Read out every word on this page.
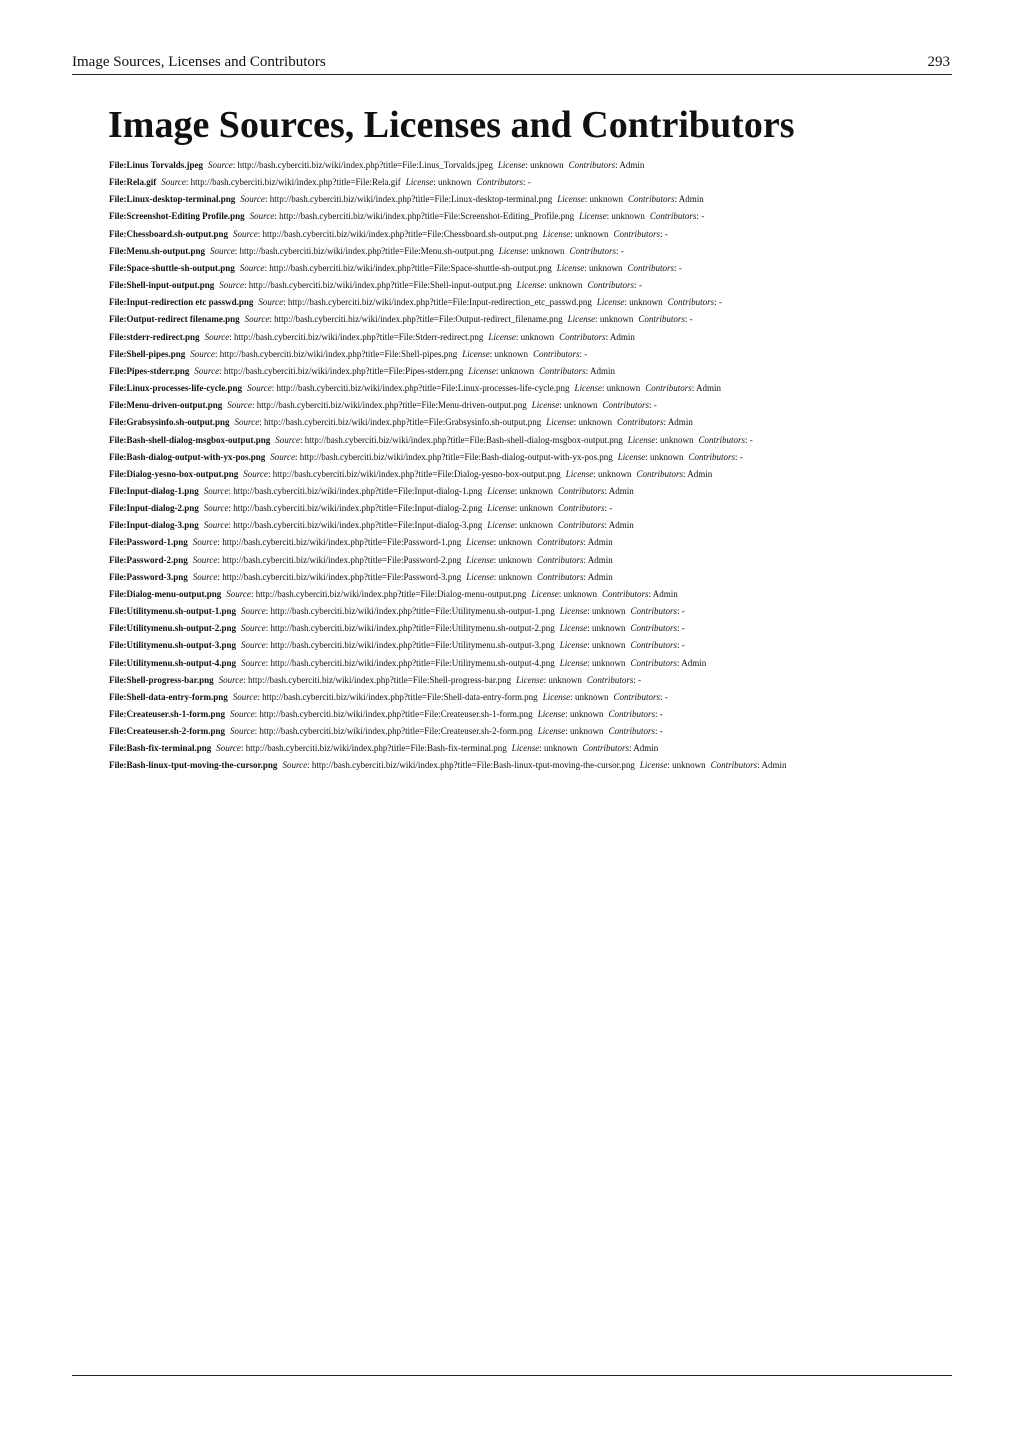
Image Sources, Licenses and Contributors	293
Image Sources, Licenses and Contributors
File:Linus Torvalds.jpeg Source: http://bash.cyberciti.biz/wiki/index.php?title=File:Linus_Torvalds.jpeg License: unknown Contributors: Admin
File:Rela.gif Source: http://bash.cyberciti.biz/wiki/index.php?title=File:Rela.gif License: unknown Contributors: -
File:Linux-desktop-terminal.png Source: http://bash.cyberciti.biz/wiki/index.php?title=File:Linux-desktop-terminal.png License: unknown Contributors: Admin
File:Screenshot-Editing Profile.png Source: http://bash.cyberciti.biz/wiki/index.php?title=File:Screenshot-Editing_Profile.png License: unknown Contributors: -
File:Chessboard.sh-output.png Source: http://bash.cyberciti.biz/wiki/index.php?title=File:Chessboard.sh-output.png License: unknown Contributors: -
File:Menu.sh-output.png Source: http://bash.cyberciti.biz/wiki/index.php?title=File:Menu.sh-output.png License: unknown Contributors: -
File:Space-shuttle-sh-output.png Source: http://bash.cyberciti.biz/wiki/index.php?title=File:Space-shuttle-sh-output.png License: unknown Contributors: -
File:Shell-input-output.png Source: http://bash.cyberciti.biz/wiki/index.php?title=File:Shell-input-output.png License: unknown Contributors: -
File:Input-redirection etc passwd.png Source: http://bash.cyberciti.biz/wiki/index.php?title=File:Input-redirection_etc_passwd.png License: unknown Contributors: -
File:Output-redirect filename.png Source: http://bash.cyberciti.biz/wiki/index.php?title=File:Output-redirect_filename.png License: unknown Contributors: -
File:stderr-redirect.png Source: http://bash.cyberciti.biz/wiki/index.php?title=File:Stderr-redirect.png License: unknown Contributors: Admin
File:Shell-pipes.png Source: http://bash.cyberciti.biz/wiki/index.php?title=File:Shell-pipes.png License: unknown Contributors: -
File:Pipes-stderr.png Source: http://bash.cyberciti.biz/wiki/index.php?title=File:Pipes-stderr.png License: unknown Contributors: Admin
File:Linux-processes-life-cycle.png Source: http://bash.cyberciti.biz/wiki/index.php?title=File:Linux-processes-life-cycle.png License: unknown Contributors: Admin
File:Menu-driven-output.png Source: http://bash.cyberciti.biz/wiki/index.php?title=File:Menu-driven-output.png License: unknown Contributors: -
File:Grabsysinfo.sh-output.png Source: http://bash.cyberciti.biz/wiki/index.php?title=File:Grabsysinfo.sh-output.png License: unknown Contributors: Admin
File:Bash-shell-dialog-msgbox-output.png Source: http://bash.cyberciti.biz/wiki/index.php?title=File:Bash-shell-dialog-msgbox-output.png License: unknown Contributors: -
File:Bash-dialog-output-with-yx-pos.png Source: http://bash.cyberciti.biz/wiki/index.php?title=File:Bash-dialog-output-with-yx-pos.png License: unknown Contributors: -
File:Dialog-yesno-box-output.png Source: http://bash.cyberciti.biz/wiki/index.php?title=File:Dialog-yesno-box-output.png License: unknown Contributors: Admin
File:Input-dialog-1.png Source: http://bash.cyberciti.biz/wiki/index.php?title=File:Input-dialog-1.png License: unknown Contributors: Admin
File:Input-dialog-2.png Source: http://bash.cyberciti.biz/wiki/index.php?title=File:Input-dialog-2.png License: unknown Contributors: -
File:Input-dialog-3.png Source: http://bash.cyberciti.biz/wiki/index.php?title=File:Input-dialog-3.png License: unknown Contributors: Admin
File:Password-1.png Source: http://bash.cyberciti.biz/wiki/index.php?title=File:Password-1.png License: unknown Contributors: Admin
File:Password-2.png Source: http://bash.cyberciti.biz/wiki/index.php?title=File:Password-2.png License: unknown Contributors: Admin
File:Password-3.png Source: http://bash.cyberciti.biz/wiki/index.php?title=File:Password-3.png License: unknown Contributors: Admin
File:Dialog-menu-output.png Source: http://bash.cyberciti.biz/wiki/index.php?title=File:Dialog-menu-output.png License: unknown Contributors: Admin
File:Utilitymenu.sh-output-1.png Source: http://bash.cyberciti.biz/wiki/index.php?title=File:Utilitymenu.sh-output-1.png License: unknown Contributors: -
File:Utilitymenu.sh-output-2.png Source: http://bash.cyberciti.biz/wiki/index.php?title=File:Utilitymenu.sh-output-2.png License: unknown Contributors: -
File:Utilitymenu.sh-output-3.png Source: http://bash.cyberciti.biz/wiki/index.php?title=File:Utilitymenu.sh-output-3.png License: unknown Contributors: -
File:Utilitymenu.sh-output-4.png Source: http://bash.cyberciti.biz/wiki/index.php?title=File:Utilitymenu.sh-output-4.png License: unknown Contributors: Admin
File:Shell-progress-bar.png Source: http://bash.cyberciti.biz/wiki/index.php?title=File:Shell-progress-bar.png License: unknown Contributors: -
File:Shell-data-entry-form.png Source: http://bash.cyberciti.biz/wiki/index.php?title=File:Shell-data-entry-form.png License: unknown Contributors: -
File:Createuser.sh-1-form.png Source: http://bash.cyberciti.biz/wiki/index.php?title=File:Createuser.sh-1-form.png License: unknown Contributors: -
File:Createuser.sh-2-form.png Source: http://bash.cyberciti.biz/wiki/index.php?title=File:Createuser.sh-2-form.png License: unknown Contributors: -
File:Bash-fix-terminal.png Source: http://bash.cyberciti.biz/wiki/index.php?title=File:Bash-fix-terminal.png License: unknown Contributors: Admin
File:Bash-linux-tput-moving-the-cursor.png Source: http://bash.cyberciti.biz/wiki/index.php?title=File:Bash-linux-tput-moving-the-cursor.png License: unknown Contributors: Admin
